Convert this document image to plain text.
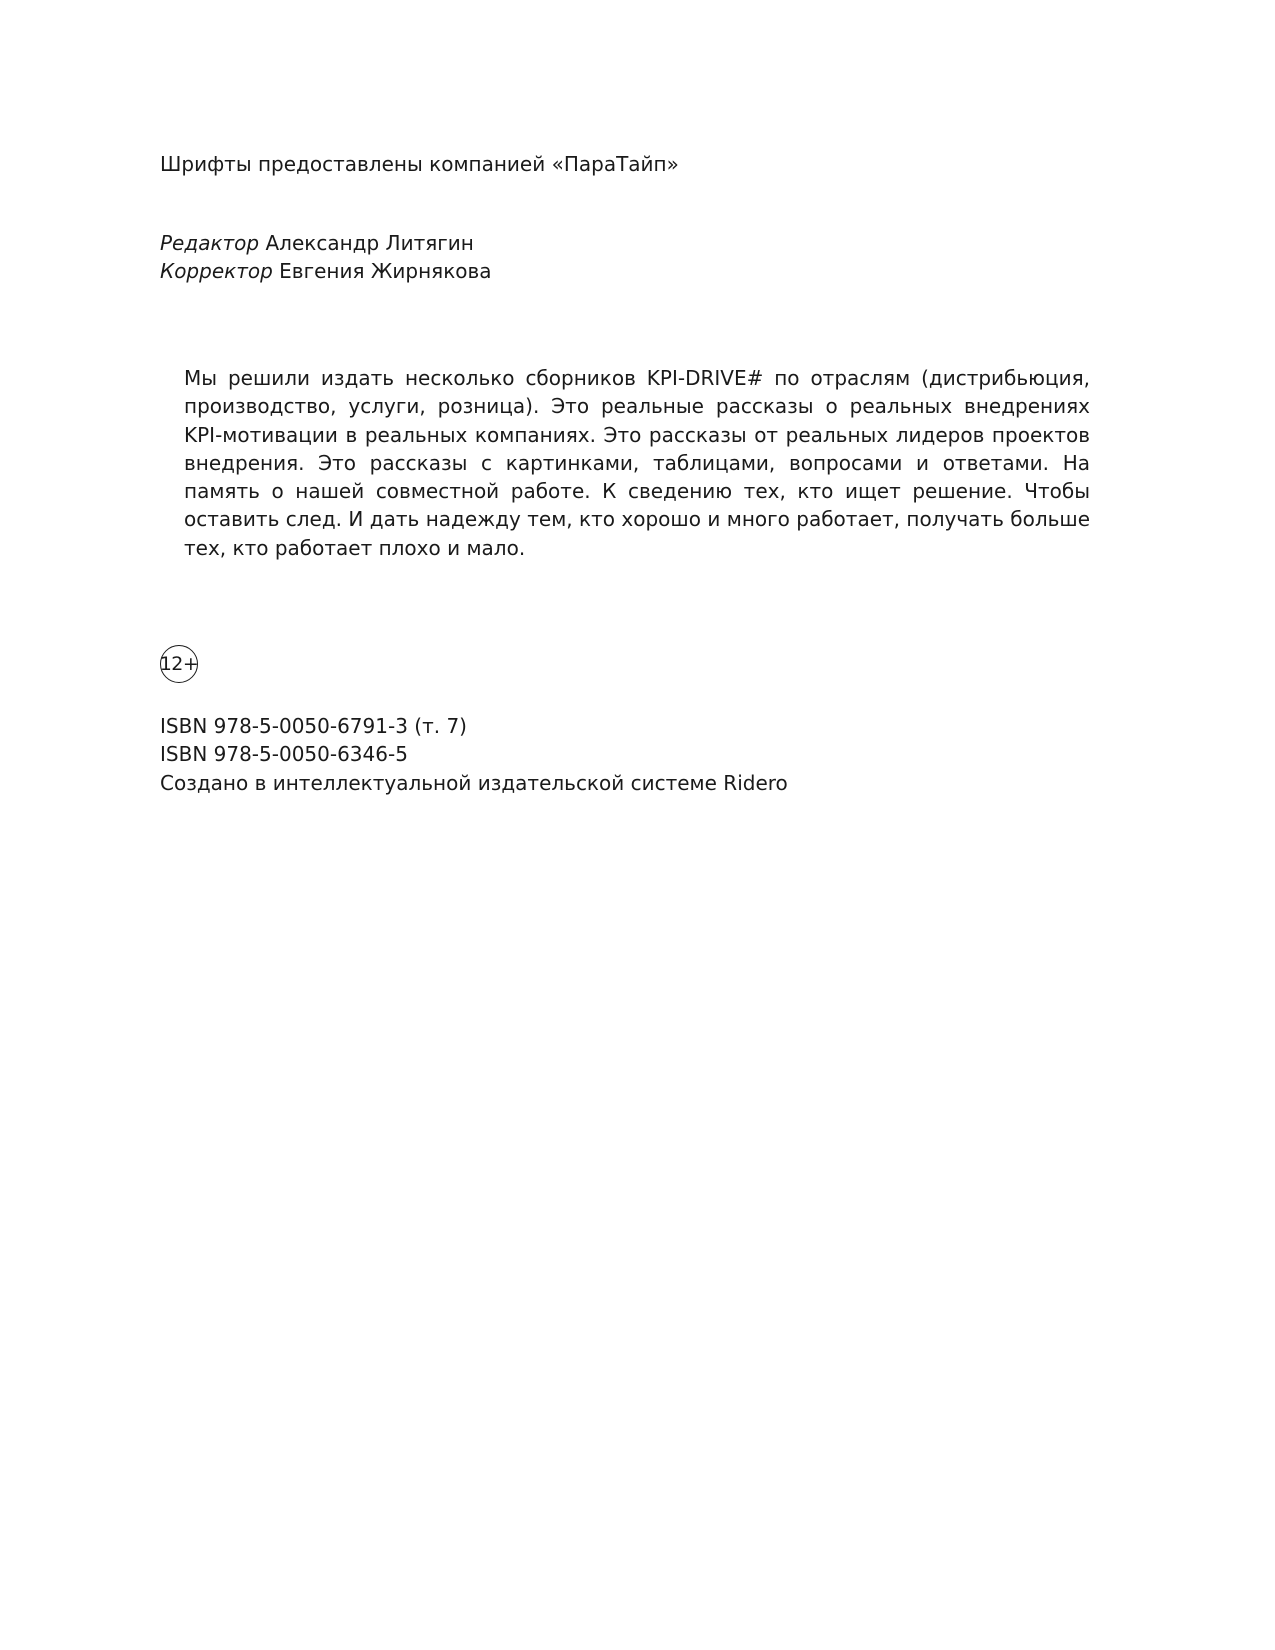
Шрифты предоставлены компанией «ПараТайп»
Редактор Александр Литягин
Корректор Евгения Жирнякова

Мы решили издать несколько сборников KPI-DRIVE# по отраслям (дистрибьюция, производство, услуги, розница). Это реальные рассказы о реальных внедрениях KPI-мотивации в реальных компаниях. Это рассказы от реальных лидеров проектов внедрения. Это рассказы с картинками, таблицами, вопросами и ответами. На память о нашей совместной работе. К сведению тех, кто ищет решение. Чтобы оставить след. И дать надежду тем, кто хорошо и много работает, получать больше тех, кто работает плохо и мало.

12+
ISBN 978-5-0050-6791-3 (т. 7)
ISBN 978-5-0050-6346-5
Создано в интеллектуальной издательской системе Ridero
